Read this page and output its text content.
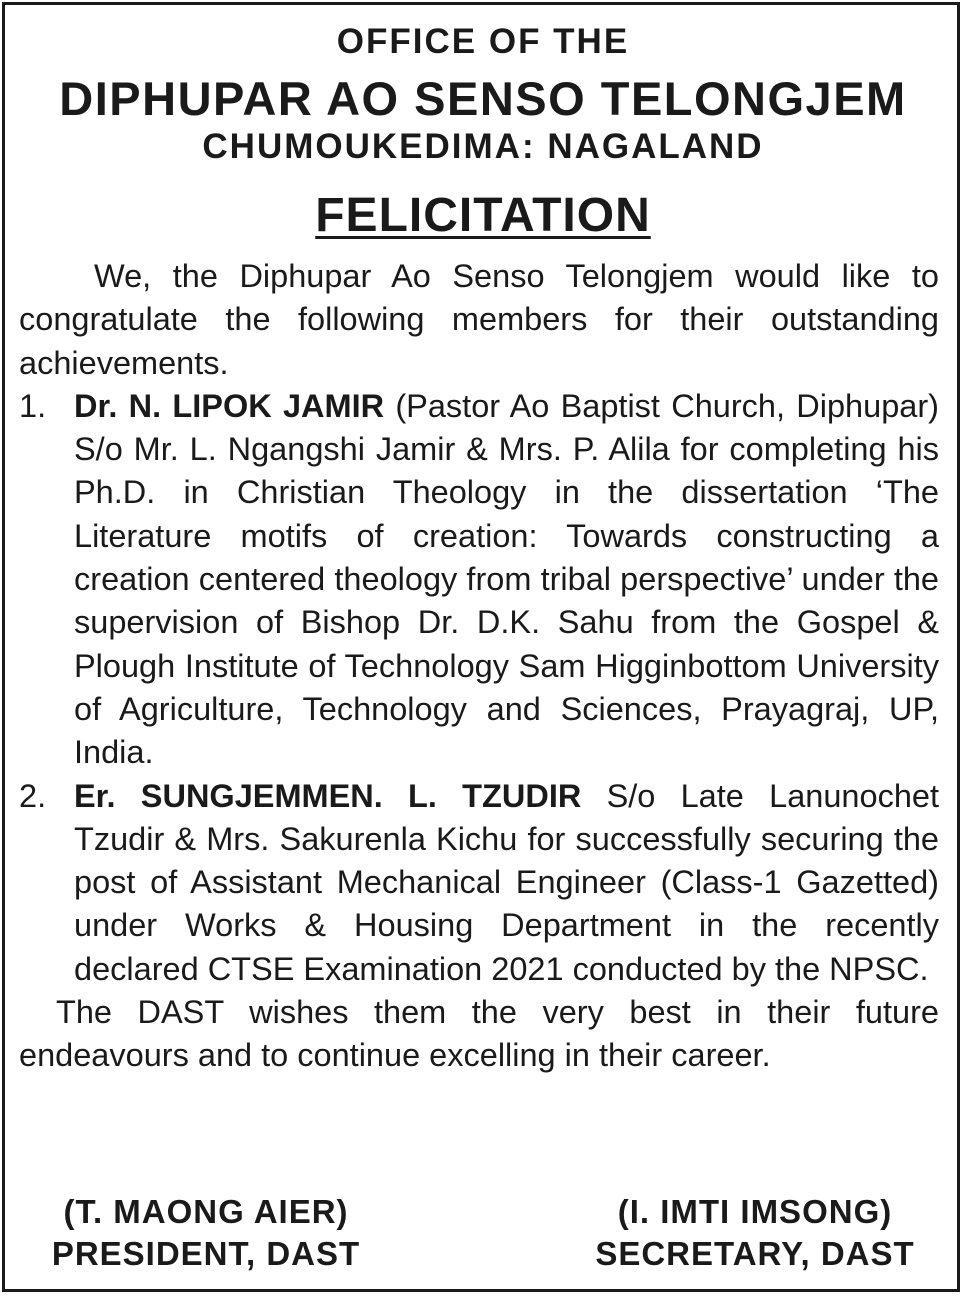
OFFICE OF THE
DIPHUPAR AO SENSO TELONGJEM
CHUMOUKEDIMA: NAGALAND
FELICITATION

We, the Diphupar Ao Senso Telongjem would like to congratulate the following members for their outstanding achievements.

1. Dr. N. LIPOK JAMIR (Pastor Ao Baptist Church, Diphupar) S/o Mr. L. Ngangshi Jamir & Mrs. P. Alila for completing his Ph.D. in Christian Theology in the dissertation ‘The Literature motifs of creation: Towards constructing a creation centered theology from tribal perspective’ under the supervision of Bishop Dr. D.K. Sahu from the Gospel & Plough Institute of Technology Sam Higginbottom University of Agriculture, Technology and Sciences, Prayagraj, UP, India.
2. Er. SUNGJEMMEN. L. TZUDIR S/o Late Lanunochet Tzudir & Mrs. Sakurenla Kichu for successfully securing the post of Assistant Mechanical Engineer (Class-1 Gazetted) under Works & Housing Department in the recently declared CTSE Examination 2021 conducted by the NPSC.

The DAST wishes them the very best in their future endeavours and to continue excelling in their career.

(T. MAONG AIER)
PRESIDENT, DAST
(I. IMTI IMSONG)
SECRETARY, DAST
